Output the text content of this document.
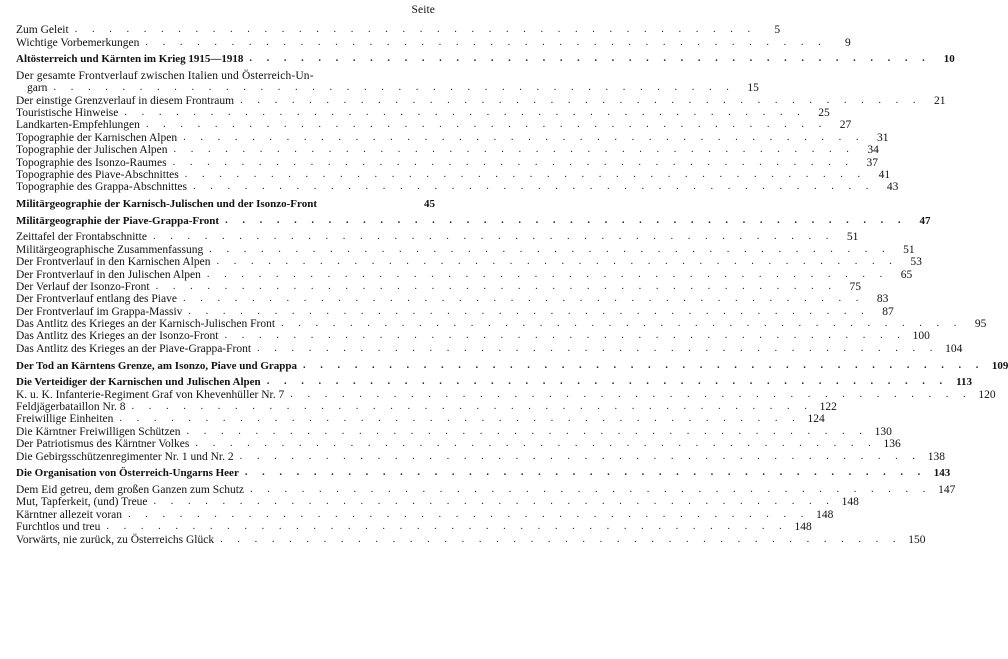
Seite
Zum Geleit . . . . . . . . . . . . . . . . . . . . . . . . . . . . . . . . . . . . . . . .	5
Wichtige Vorbemerkungen . . . . . . . . . . . . . . . . . . . . . . . . . . . . . . . . . . . . . . . .	9
Altösterreich und Kärnten im Krieg 1915—1918 . . . . . . . . . . . . . . . . . . . . . . . . . . . . . . . . . . . . . . . .	10
Der gesamte Frontverlauf zwischen Italien und Österreich-Un-
garn . . . . . . . . . . . . . . . . . . . . . . . . . . . . . . . . . . . . . . . .	15
Der einstige Grenzverlauf in diesem Frontraum . . . . . . . . . . . . . . . . . . . . . . . . . . . . . . . . . . . . . . . .	21
Touristische Hinweise . . . . . . . . . . . . . . . . . . . . . . . . . . . . . . . . . . . . . . . .	25
Landkarten-Empfehlungen . . . . . . . . . . . . . . . . . . . . . . . . . . . . . . . . . . . . . . . .	27
Topographie der Karnischen Alpen . . . . . . . . . . . . . . . . . . . . . . . . . . . . . . . . . . . . . . . .	31
Topographie der Julischen Alpen . . . . . . . . . . . . . . . . . . . . . . . . . . . . . . . . . . . . . . . .	34
Topographie des Isonzo-Raumes . . . . . . . . . . . . . . . . . . . . . . . . . . . . . . . . . . . . . . . .	37
Topographie des Piave-Abschnittes . . . . . . . . . . . . . . . . . . . . . . . . . . . . . . . . . . . . . . . .	41
Topographie des Grappa-Abschnittes . . . . . . . . . . . . . . . . . . . . . . . . . . . . . . . . . . . . . . . .	43
Militärgeographie der Karnisch-Julischen und der Isonzo-Front	45
Militärgeographie der Piave-Grappa-Front . . . . . . . . . . . . . . . . . . . . . . . . . . . . . . . . . . . . . . . .	47
Zeittafel der Frontabschnitte . . . . . . . . . . . . . . . . . . . . . . . . . . . . . . . . . . . . . . . .	51
Militärgeographische Zusammenfassung . . . . . . . . . . . . . . . . . . . . . . . . . . . . . . . . . . . . . . . .	51
Der Frontverlauf in den Karnischen Alpen . . . . . . . . . . . . . . . . . . . . . . . . . . . . . . . . . . . . . . . .	53
Der Frontverlauf in den Julischen Alpen . . . . . . . . . . . . . . . . . . . . . . . . . . . . . . . . . . . . . . . .	65
Der Verlauf der Isonzo-Front . . . . . . . . . . . . . . . . . . . . . . . . . . . . . . . . . . . . . . . .	75
Der Frontverlauf entlang des Piave . . . . . . . . . . . . . . . . . . . . . . . . . . . . . . . . . . . . . . . .	83
Der Frontverlauf im Grappa-Massiv . . . . . . . . . . . . . . . . . . . . . . . . . . . . . . . . . . . . . . . .	87
Das Antlitz des Krieges an der Karnisch-Julischen Front . . . . . . . . . . . . . . . . . . . . . . . . . . . . . . . . . . . . . . . .	95
Das Antlitz des Krieges an der Isonzo-Front . . . . . . . . . . . . . . . . . . . . . . . . . . . . . . . . . . . . . . . . 100
Das Antlitz des Krieges an der Piave-Grappa-Front . . . . . . . . . . . . . . . . . . . . . . . . . . . . . . . . . . . . . . . . 104
Der Tod an Kärntens Grenze, am Isonzo, Piave und Grappa . . . . . . . . . . . . . . . . . . . . . . . . . . . . . . . . . . . . . . . . 109
Die Verteidiger der Karnischen und Julischen Alpen . . . . . . . . . . . . . . . . . . . . . . . . . . . . . . . . . . . . . . . . 113
K. u. K. Infanterie-Regiment Graf von Khevenhüller Nr. 7 . . . . . . . . . . . . . . . . . . . . . . . . . . . . . . . . . . . . . . . . 120
Feldjägerbataillon Nr. 8 . . . . . . . . . . . . . . . . . . . . . . . . . . . . . . . . . . . . . . . . 122
Freiwillige Einheiten . . . . . . . . . . . . . . . . . . . . . . . . . . . . . . . . . . . . . . . . 124
Die Kärntner Freiwilligen Schützen . . . . . . . . . . . . . . . . . . . . . . . . . . . . . . . . . . . . . . . . 130
Der Patriotismus des Kärntner Volkes . . . . . . . . . . . . . . . . . . . . . . . . . . . . . . . . . . . . . . . . 136
Die Gebirgsschützenregimenter Nr. 1 und Nr. 2 . . . . . . . . . . . . . . . . . . . . . . . . . . . . . . . . . . . . . . . . 138
Die Organisation von Österreich-Ungarns Heer . . . . . . . . . . . . . . . . . . . . . . . . . . . . . . . . . . . . . . . . 143
Dem Eid getreu, dem großen Ganzen zum Schutz . . . . . . . . . . . . . . . . . . . . . . . . . . . . . . . . . . . . . . . . 147
Mut, Tapferkeit, (und) Treue . . . . . . . . . . . . . . . . . . . . . . . . . . . . . . . . . . . . . . . . 148
Kärntner allezeit voran . . . . . . . . . . . . . . . . . . . . . . . . . . . . . . . . . . . . . . . . 148
Furchtlos und treu . . . . . . . . . . . . . . . . . . . . . . . . . . . . . . . . . . . . . . . . 148
Vorwärts, nie zurück, zu Österreichs Glück . . . . . . . . . . . . . . . . . . . . . . . . . . . . . . . . . . . . . . . . 150
